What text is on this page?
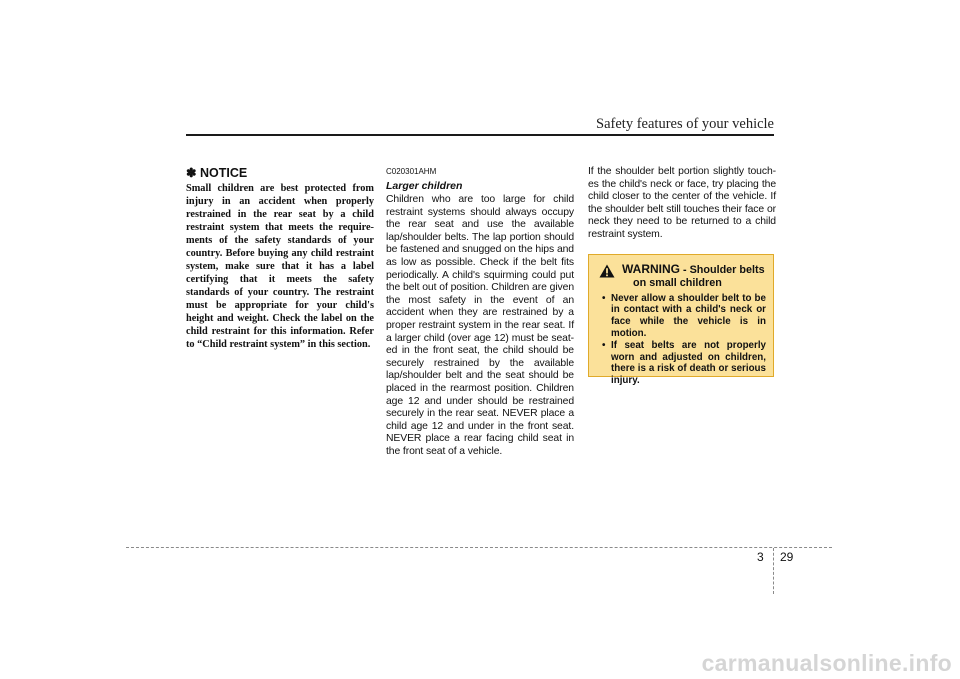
Safety features of your vehicle
✽ NOTICE

Small children are best protected from injury in an accident when properly restrained in the rear seat by a child restraint system that meets the require-ments of the safety standards of your country. Before buying any child restraint system, make sure that it has a label certifying that it meets the safety standards of your country. The restraint must be appropriate for your child's height and weight. Check the label on the child restraint for this information. Refer to “Child restraint system” in this section.

C020301AHM
Larger children

Children who are too large for child restraint systems should always occupy the rear seat and use the available lap/shoulder belts. The lap portion should be fastened and snugged on the hips and as low as possible. Check if the belt fits periodically. A child's squirming could put the belt out of position. Children are given the most safety in the event of an accident when they are restrained by a proper restraint system in the rear seat. If a larger child (over age 12) must be seat-ed in the front seat, the child should be securely restrained by the available lap/shoulder belt and the seat should be placed in the rearmost position. Children age 12 and under should be restrained securely in the rear seat. NEVER place a child age 12 and under in the front seat. NEVER place a rear facing child seat in the front seat of a vehicle.

If the shoulder belt portion slightly touch-es the child's neck or face, try placing the child closer to the center of the vehicle. If the shoulder belt still touches their face or neck they need to be returned to a child restraint system.

WARNING - Shoulder belts
on small children
• Never allow a shoulder belt to be in contact with a child's neck or face while the vehicle is in motion.
• If seat belts are not properly worn and adjusted on children, there is a risk of death or serious injury.
3 29
carmanualsonline.info
